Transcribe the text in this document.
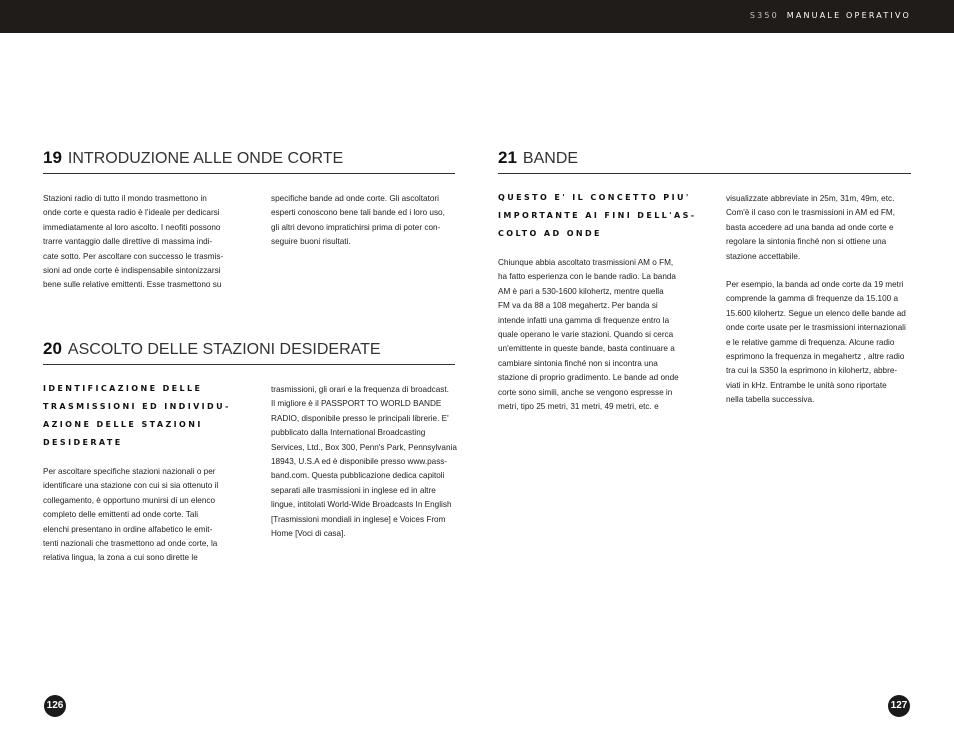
S350 MANUALE OPERATIVO
19 INTRODUZIONE ALLE ONDE CORTE
Stazioni radio di tutto il mondo trasmettono in
onde corte e questa radio è l’ideale per dedicarsi
immediatamente al loro ascolto. I neofiti possono
trarre vantaggio dalle direttive di massima indi-
cate sotto. Per ascoltare con successo le trasmis-
sioni ad onde corte è indispensabile sintonizzarsi
bene sulle relative emittenti. Esse trasmettono su
specifiche bande ad onde corte. Gli ascoltatori
esperti conoscono bene tali bande ed i loro uso,
gli altri devono impratichirsi prima di poter con-
seguire buoni risultati.
20 ASCOLTO DELLE STAZIONI DESIDERATE
IDENTIFICAZIONE DELLE
TRASMISSIONI ED INDIVIDU-
AZIONE DELLE STAZIONI
DESIDERATE
Per ascoltare specifiche stazioni nazionali o per
identificare una stazione con cui si sia ottenuto il
collegamento, è opportuno munirsi di un elenco
completo delle emittenti ad onde corte. Tali
elenchi presentano in ordine alfabetico le emit-
tenti nazionali che trasmettono ad onde corte, la
relativa lingua, la zona a cui sono dirette le
trasmissioni, gli orari e la frequenza di broadcast.
Il migliore è il PASSPORT TO WORLD BANDE
RADIO, disponibile presso le principali librerie. E'
pubblicato dalla International Broadcasting
Services, Ltd., Box 300, Penn's Park, Pennsylvania
18943, U.S.A ed è disponibile presso www.pass-
band.com. Questa pubblicazione dedica capitoli
separati alle trasmissioni in inglese ed in altre
lingue, intitolati World-Wide Broadcasts In English
[Trasmissioni mondiali in inglese] e Voices From
Home [Voci di casa].
21 BANDE
QUESTO E' IL CONCETTO PIU'
IMPORTANTE AI FINI DELL'AS-
COLTO AD ONDE
Chiunque abbia ascoltato trasmissioni AM o FM,
ha fatto esperienza con le bande radio. La banda
AM è pari a 530-1600 kilohertz, mentre quella
FM va da 88 a 108 megahertz. Per banda si
intende infatti una gamma di frequenze entro la
quale operano le varie stazioni. Quando si cerca
un'emittente in queste bande, basta continuare a
cambiare sintonia finché non si incontra una
stazione di proprio gradimento. Le bande ad onde
corte sono simili, anche se vengono espresse in
metri, tipo 25 metri, 31 metri, 49 metri, etc. e
visualizzate abbreviate in 25m, 31m, 49m, etc.
Com'è il caso con le trasmissioni in AM ed FM,
basta accedere ad una banda ad onde corte e
regolare la sintonia finché non si ottiene una
stazione accettabile.
Per esempio, la banda ad onde corte da 19 metri
comprende la gamma di frequenze da 15.100 a
15.600 kilohertz. Segue un elenco delle bande ad
onde corte usate per le trasmissioni internazionali
e le relative gamme di frequenza. Alcune radio
esprimono la frequenza in megahertz , altre radio
tra cui la S350 la esprimono in kilohertz, abbre-
viati in kHz. Entrambe le unità sono riportate
nella tabella successiva.
126	127
